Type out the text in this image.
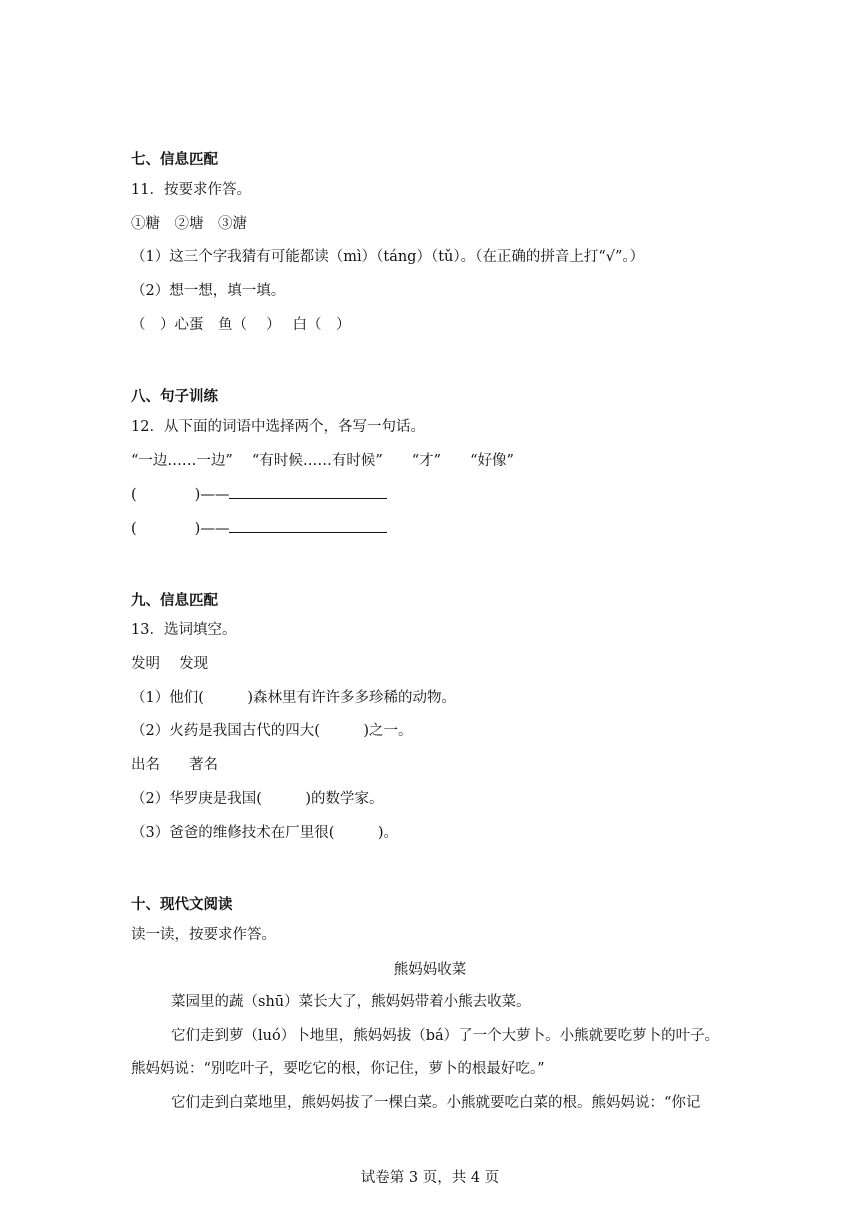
七、信息匹配
11．按要求作答。
①糖　②塘　③溏
（1）这三个字我猜有可能都读（mì）（táng）（tǔ）。（在正确的拼音上打“√”。）
（2）想一想，填一填。
（　）心蛋　鱼（　 ）　 白（　）
八、句子训练
12．从下面的词语中选择两个，各写一句话。
“一边……一边”　 “有时候……有时候”　　“才”　　“好像”
(　　　　)——
(　　　　)——
九、信息匹配
13．选词填空。
发明　 发现
（1）他们(　　　)森林里有许许多多珍稀的动物。
（2）火药是我国古代的四大(　　　)之一。
出名　　著名
（2）华罗庚是我国(　　　)的数学家。
（3）爸爸的维修技术在厂里很(　　　)。
十、现代文阅读
读一读，按要求作答。
熊妈妈收菜
菜园里的蔬（shū）菜长大了，熊妈妈带着小熊去收菜。
它们走到萝（luó）卜地里，熊妈妈拔（bá）了一个大萝卜。小熊就要吃萝卜的叶子。
熊妈妈说：“别吃叶子，要吃它的根，你记住，萝卜的根最好吃。”
它们走到白菜地里，熊妈妈拔了一棵白菜。小熊就要吃白菜的根。熊妈妈说：“你记
试卷第 3 页，共 4 页
